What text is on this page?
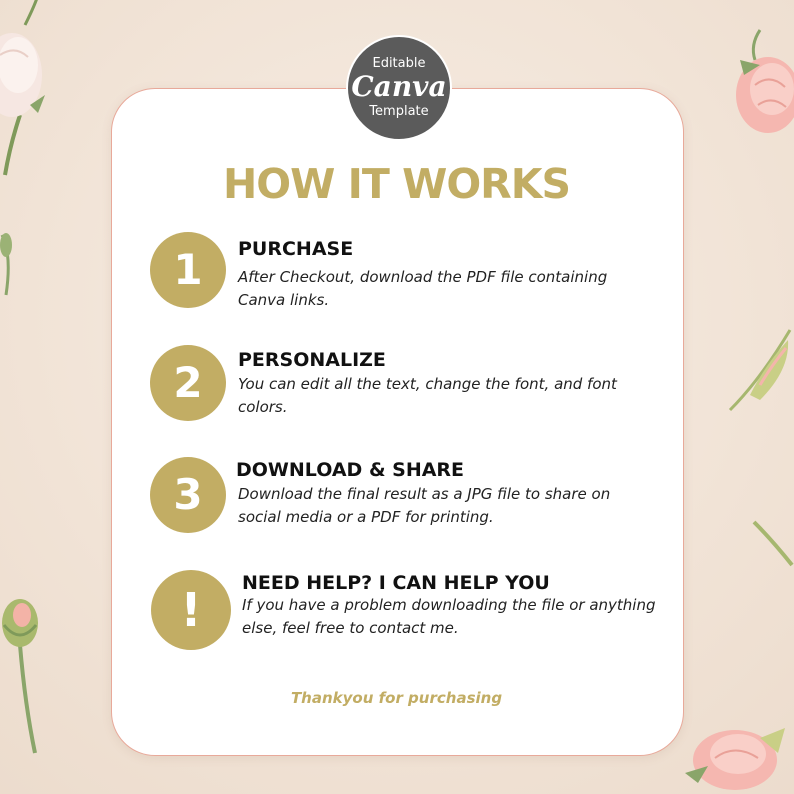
Editable
Canva
Template
HOW IT WORKS
1	PURCHASE
After Checkout, download the PDF file containing Canva links.
2	PERSONALIZE
You can edit all the text, change the font, and font colors.
3	DOWNLOAD & SHARE
Download the final result as a JPG file to share on social media or a PDF for printing.
!	NEED HELP? I CAN HELP YOU
If you have a problem downloading the file or anything else, feel free to contact me.
Thankyou for purchasing
